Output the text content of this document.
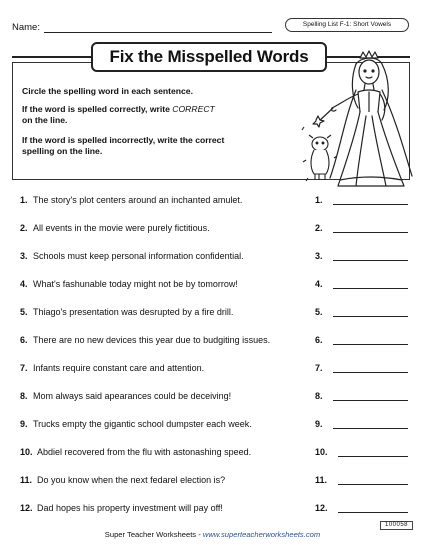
Name:	Spelling List F-1: Short Vowels
Circle the spelling word in each sentence.
If the word is spelled correctly, write CORRECT
on the line.
If the word is spelled incorrectly, write the correct
spelling on the line.
Fix the Misspelled Words
1. The story's plot centers around an inchanted amulet.	1.
2. All events in the movie were purely fictitious.	2.
3. Schools must keep personal information confidential.	3.
4. What's fashunable today might not be by tomorrow!	4.
5. Thiago's presentation was desrupted by a fire drill.	5.
6. There are no new devices this year due to budgiting issues.	6.
7. Infants require constant care and attention.	7.
8. Mom always said apearances could be deceiving!	8.
9. Trucks empty the gigantic school dumpster each week.	9.
10. Abdiel recovered from the flu with astonashing speed.	10.
11. Do you know when the next fedarel election is?	11.
12. Dad hopes his property investment will pay off!	12.
100058
Super Teacher Worksheets - www.superteacherworksheets.com
